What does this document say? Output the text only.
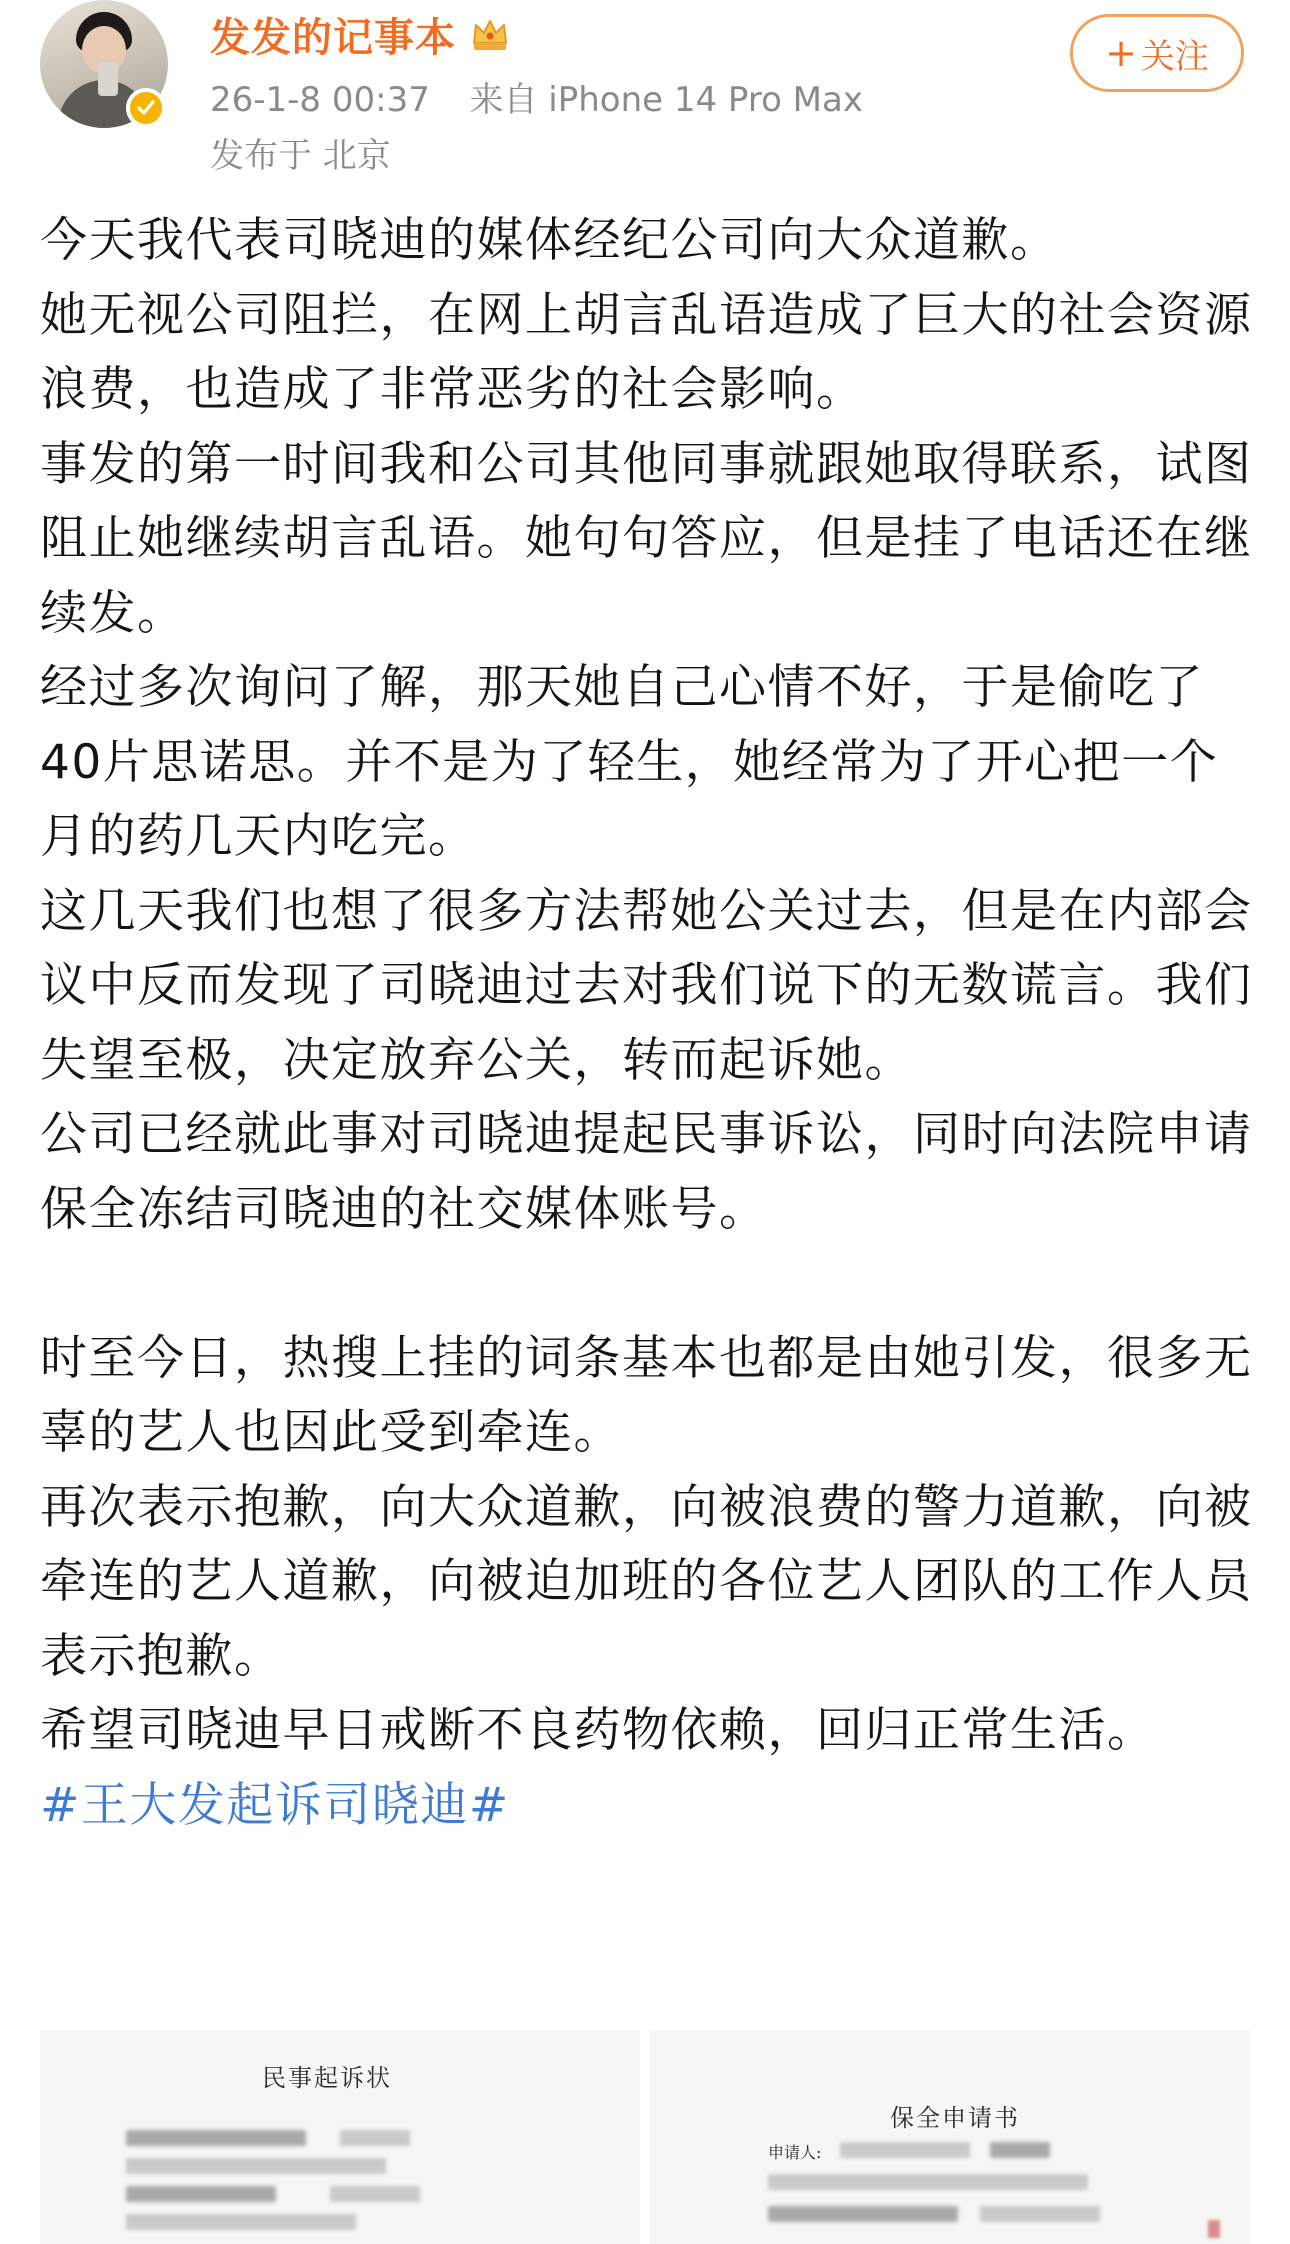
发发的记事本
26-1-8 00:37 来自 iPhone 14 Pro Max
发布于 北京
+ 关注

今天我代表司晓迪的媒体经纪公司向大众道歉。

她无视公司阻拦，在网上胡言乱语造成了巨大的社会资源浪费，也造成了非常恶劣的社会影响。

事发的第一时间我和公司其他同事就跟她取得联系，试图阻止她继续胡言乱语。她句句答应，但是挂了电话还在继续发。

经过多次询问了解，那天她自己心情不好，于是偷吃了40片思诺思。并不是为了轻生，她经常为了开心把一个月的药几天内吃完。

这几天我们也想了很多方法帮她公关过去，但是在内部会议中反而发现了司晓迪过去对我们说下的无数谎言。我们失望至极，决定放弃公关，转而起诉她。

公司已经就此事对司晓迪提起民事诉讼，同时向法院申请保全冻结司晓迪的社交媒体账号。

时至今日，热搜上挂的词条基本也都是由她引发，很多无辜的艺人也因此受到牵连。

再次表示抱歉，向大众道歉，向被浪费的警力道歉，向被牵连的艺人道歉，向被迫加班的各位艺人团队的工作人员表示抱歉。

希望司晓迪早日戒断不良药物依赖，回归正常生活。

#王大发起诉司晓迪#
民事起诉状
保全申请书
申请人:
